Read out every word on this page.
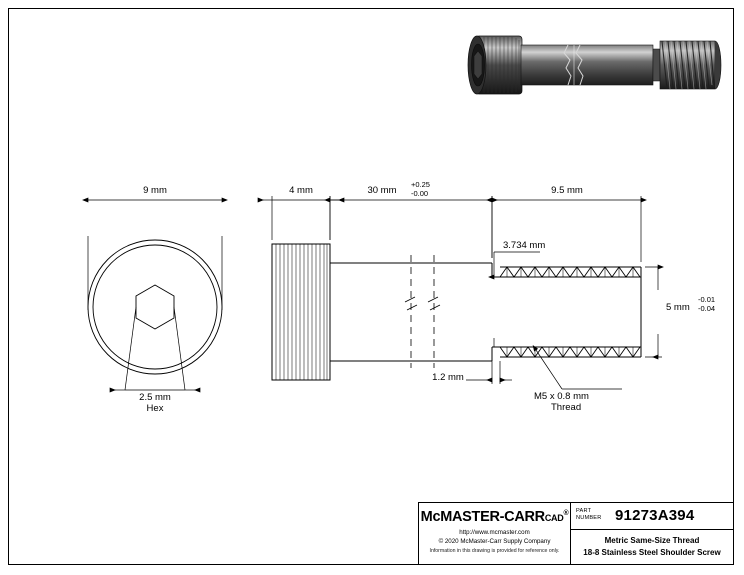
9 mm	4 mm	30 mm
+0.25
-0.00	9.5 mm
3.734 mm
5 mm
-0.01
-0.04
1.2 mm
2.5 mm
Hex
M5 x 0.8 mm
Thread
McMASTER-CARRCAD®
http://www.mcmaster.com
© 2020 McMaster-Carr Supply Company
Information in this drawing is provided for reference only.
PART
NUMBER 91273A394
Metric Same-Size Thread
18-8 Stainless Steel Shoulder Screw
